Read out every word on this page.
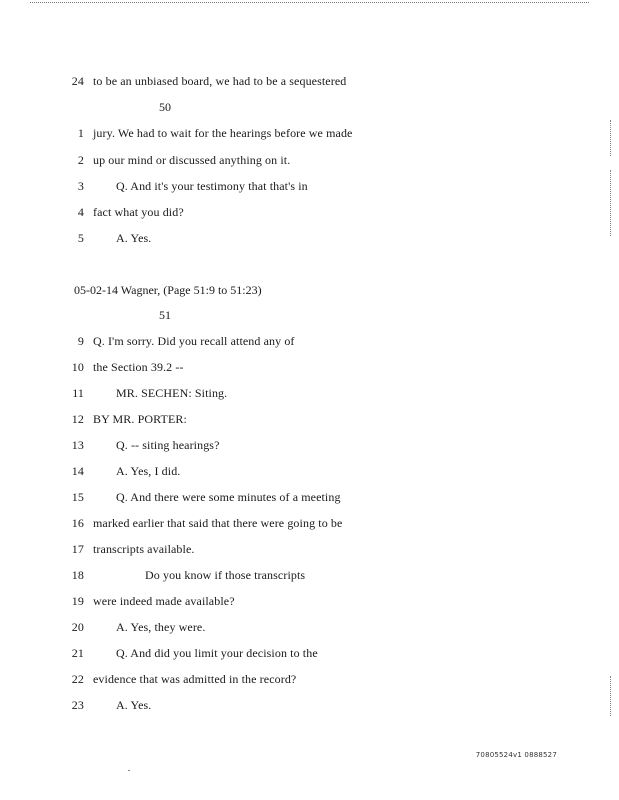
24 to be an unbiased board, we had to be a sequestered
50
1 jury. We had to wait for the hearings before we made
2 up our mind or discussed anything on it.
3	Q. And it's your testimony that that's in
4 fact what you did?
5	A. Yes.
05-02-14 Wagner, (Page 51:9 to 51:23)
51
9 Q. I'm sorry. Did you recall attend any of
10 the Section 39.2 --
11	MR. SECHEN: Siting.
12 BY MR. PORTER:
13	Q. -- siting hearings?
14	A. Yes, I did.
15	Q. And there were some minutes of a meeting
16 marked earlier that said that there were going to be
17 transcripts available.
18	Do you know if those transcripts
19 were indeed made available?
20	A. Yes, they were.
21	Q. And did you limit your decision to the
22 evidence that was admitted in the record?
23	A. Yes.
70805524v1 0888527
